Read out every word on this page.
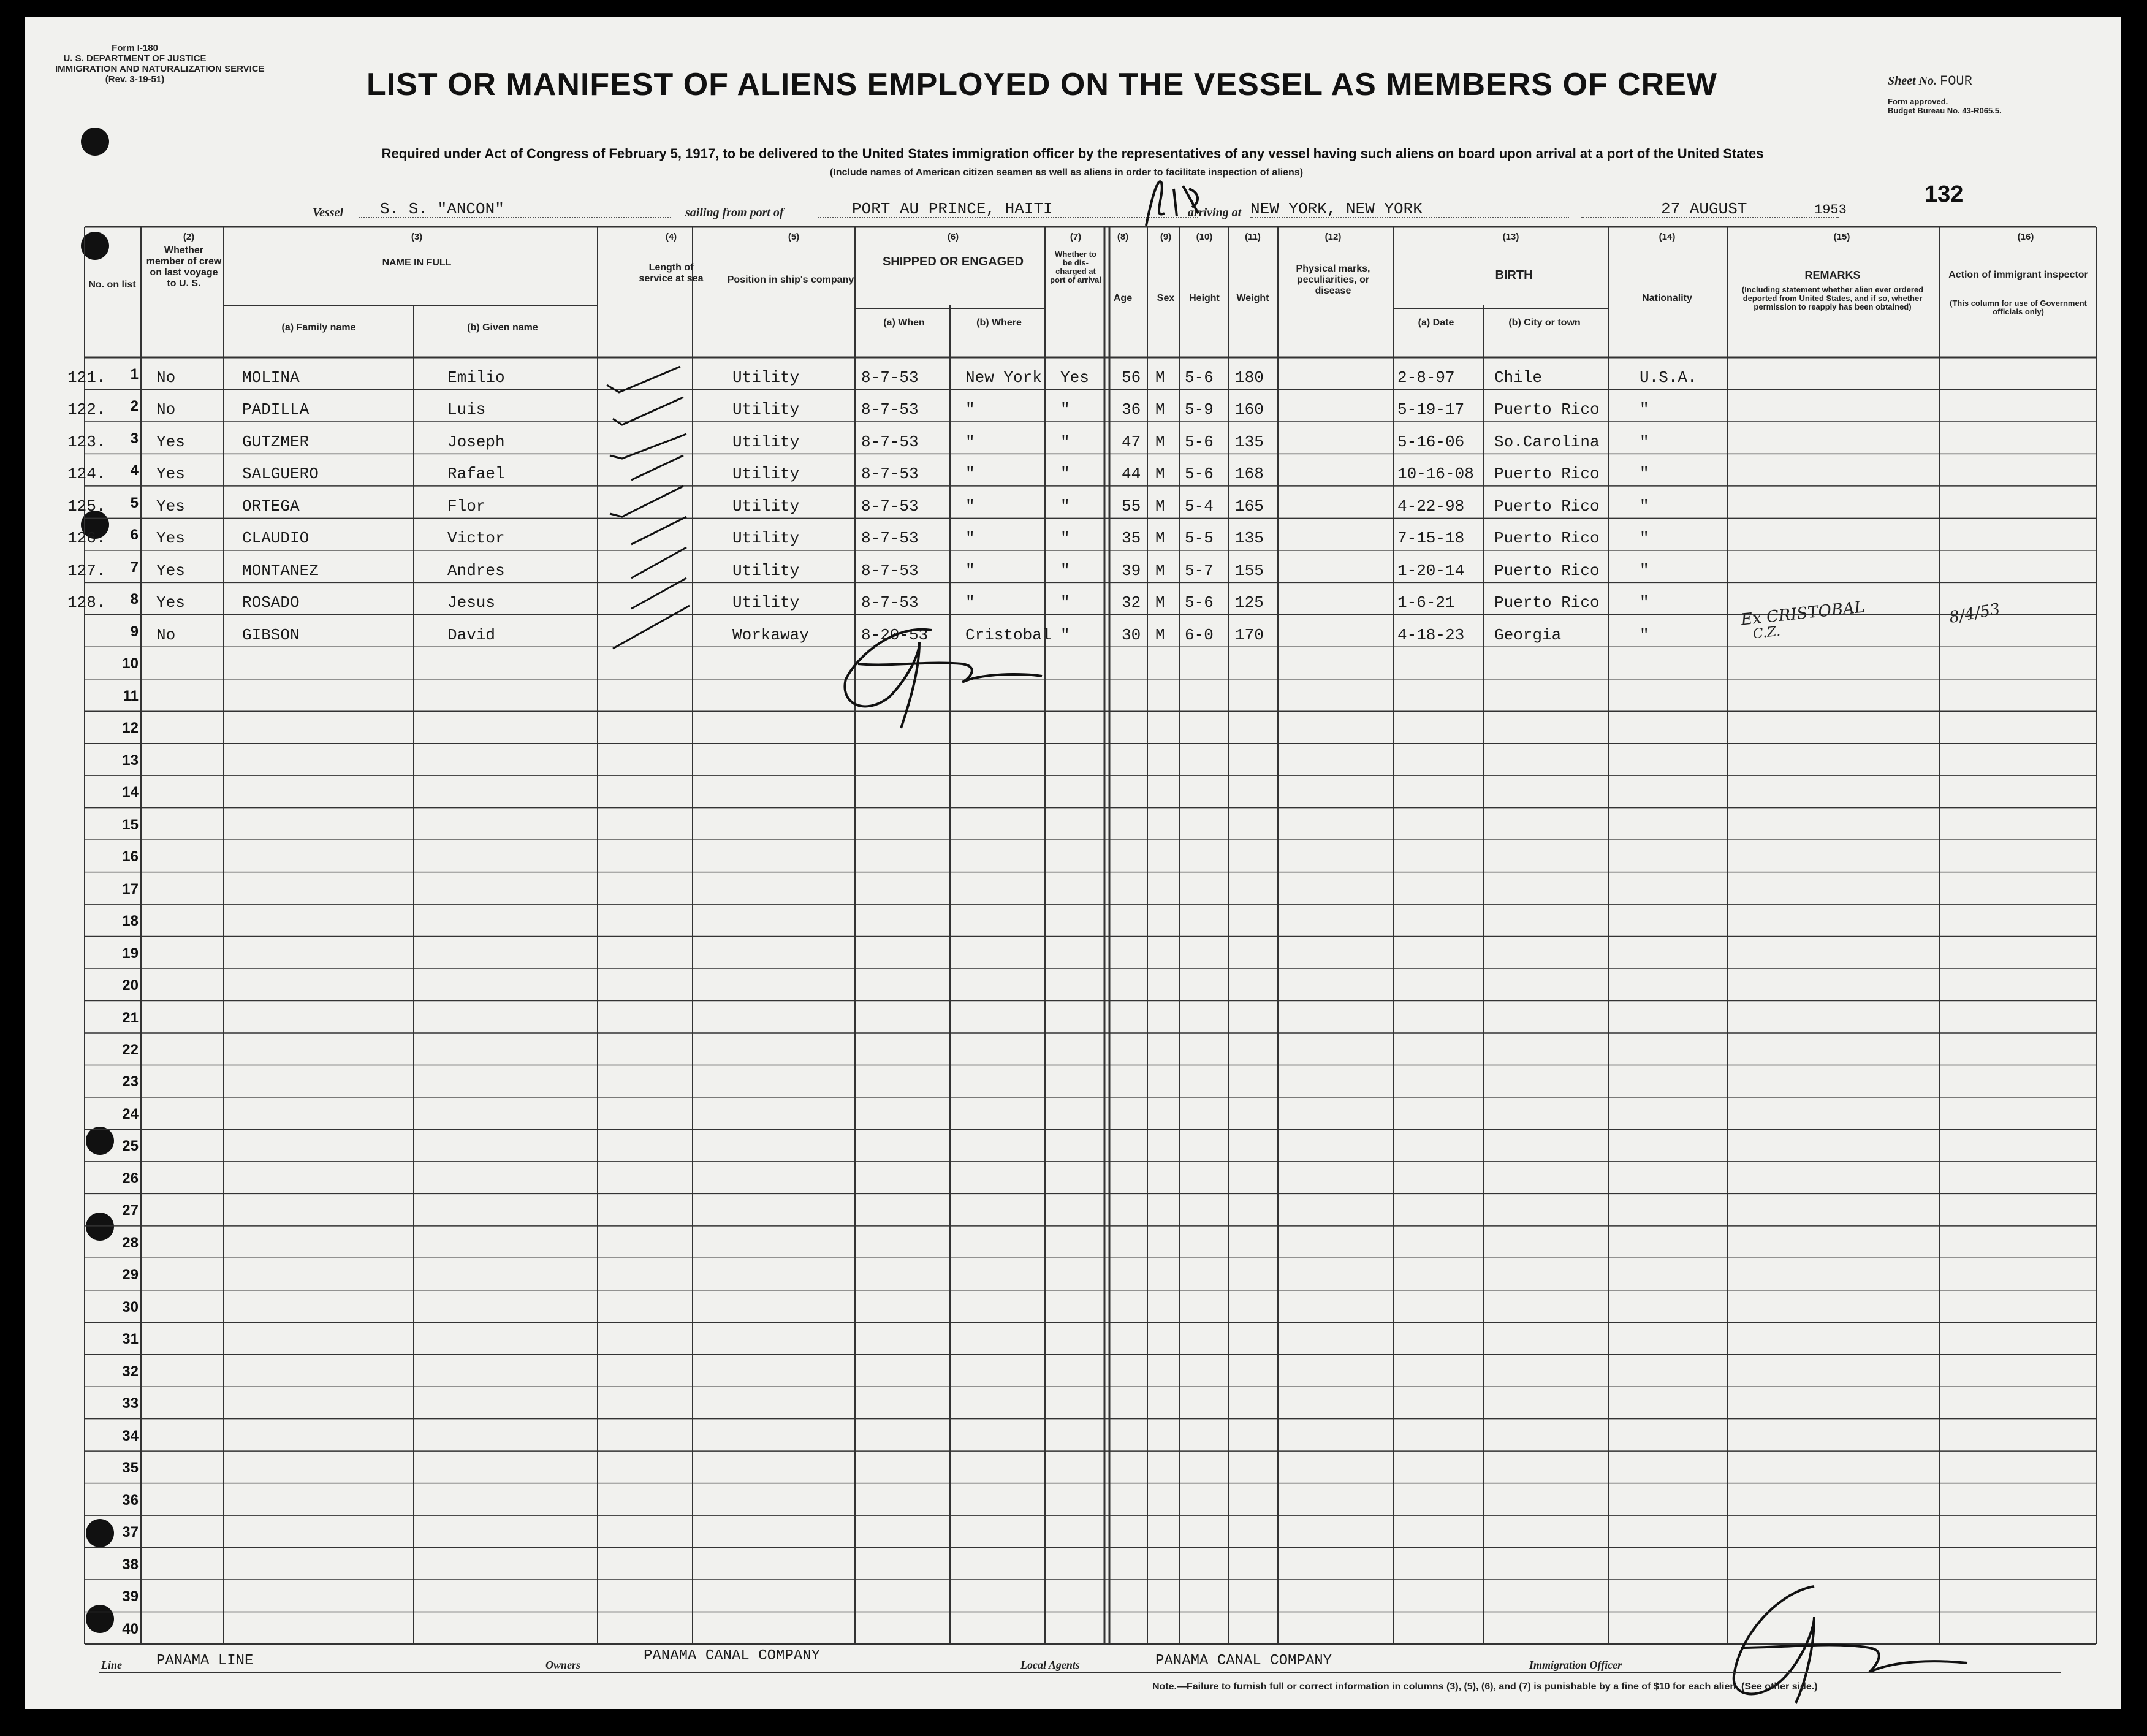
Form I-180
U. S. DEPARTMENT OF JUSTICE
IMMIGRATION AND NATURALIZATION SERVICE
(Rev. 3-19-51)	LIST OR MANIFEST OF ALIENS EMPLOYED ON THE VESSEL AS MEMBERS OF CREW	Sheet No. FOUR
Form approved.
Budget Bureau No. 43-R065.5.
Required under Act of Congress of February 5, 1917, to be delivered to the United States immigration officer by the representatives of any vessel having such aliens on board upon arrival at a port of the United States
(Include names of American citizen seamen as well as aliens in order to facilitate inspection of aliens)
132
Vessel S. S. "ANCON"	sailing from port of	PORT AU PRINCE, HAITI	arriving at NEW YORK, NEW YORK	27 AUGUST	1953
(2)
Whether member of crew on last voyage to U. S.
No. on list
(3)
NAME IN FULL
(a) Family name	(b) Given name
(4)
Length of service at sea
(5)
Position in ship's company
(6)
SHIPPED OR ENGAGED
(a) When	(b) Where
(7)
Whether to be dis-charged at port of arrival
(8)
Age
(9)
Sex
(10)
Height
(11)
Weight
(12)
Physical marks, peculiarities, or disease
(13)
BIRTH
(a) Date	(b) City or town
(14)
Nationality
(15)
REMARKS
(Including statement whether alien ever ordered deported from United States, and if so, whether permission to reapply has been obtained)
(16)
Action of immigrant inspector
(This column for use of Government officials only)
1
2
3
4
5
6
7
8
9
10
11
12
13
14
15
16
17
18
19
20
21
22
23
24
25
26
27
28
29
30
31
32
33
34
35
36
37
38
39
40
121.	No	MOLINA	Emilio	Utility	8-7-53	New York Yes 56 M 5-6 180	2-8-97 Chile	U.S.A.
122.	No	PADILLA	Luis	Utility	8-7-53	"	"	36 M 5-9 160	5-19-17 Puerto Rico	"
123.	Yes	GUTZMER	Joseph	Utility	8-7-53	"	"	47 M 5-6 135	5-16-06 So.Carolina	"
124.	Yes	SALGUERO	Rafael	Utility	8-7-53	"	"	44 M 5-6 168	10-16-08 Puerto Rico	"
125.	Yes	ORTEGA	Flor	Utility	8-7-53	"	"	55 M 5-4 165	4-22-98 Puerto Rico	"
126.	Yes	CLAUDIO	Victor	Utility	8-7-53	"	"	35 M 5-5 135	7-15-18 Puerto Rico	"
127.	Yes	MONTANEZ	Andres	Utility	8-7-53	"	"	39 M 5-7 155	1-20-14 Puerto Rico	"
128.	Yes	ROSADO	Jesus	Utility	8-7-53	"	"	32 M 5-6 125	1-6-21 Puerto Rico	"
No	GIBSON	David	Workaway	8-20-53 Cristobal "	30 M 6-0 170	4-18-23 Georgia	"
Ex CRISTOBAL
C.Z.
8/4/53
Line PANAMA LINE	Owners
PANAMA CANAL COMPANY
Local Agents	PANAMA CANAL COMPANY	Immigration Officer
Note.—Failure to furnish full or correct information in columns (3), (5), (6), and (7) is punishable by a fine of $10 for each alien. (See other side.)
